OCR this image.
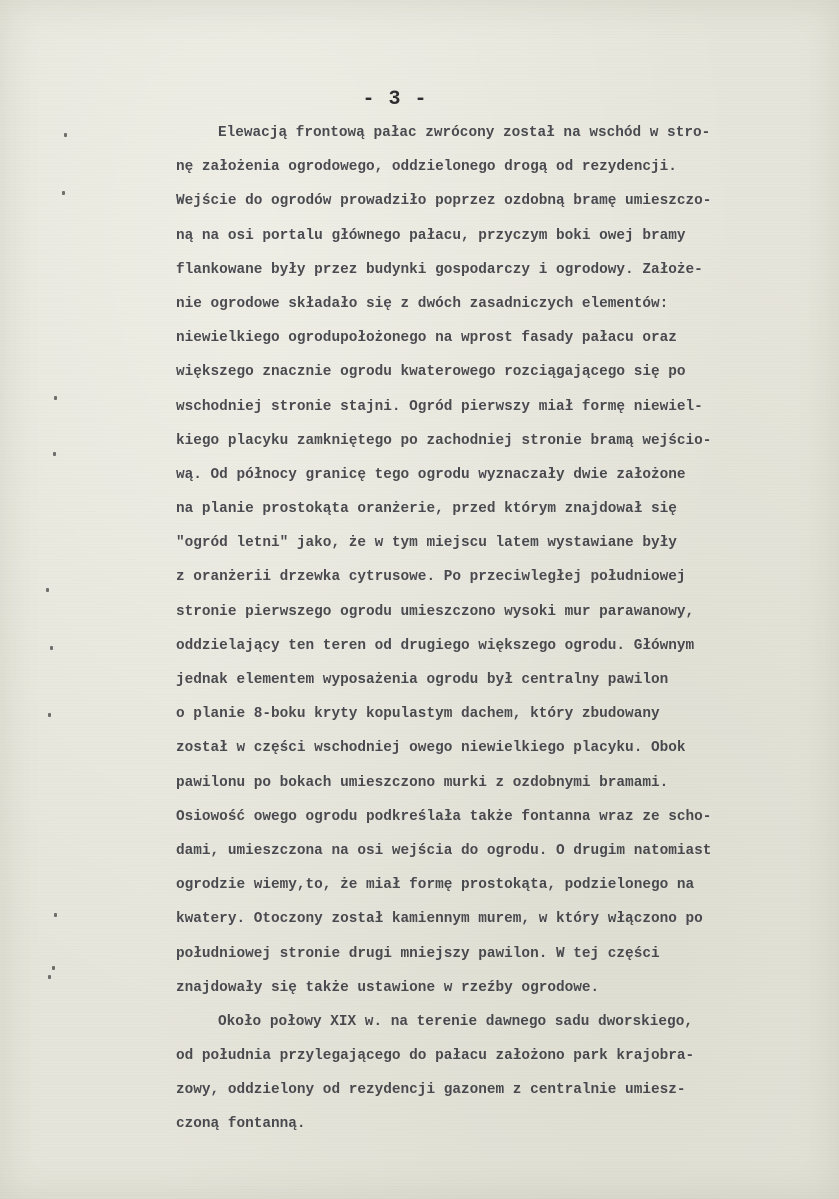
- 3 -
Elewacją frontową pałac zwrócony został na wschód w stro-
nę założenia ogrodowego, oddzielonego drogą od rezydencji.
Wejście do ogrodów prowadziło poprzez ozdobną bramę umieszczo-
ną na osi portalu głównego pałacu, przyczym boki owej bramy
flankowane były przez budynki gospodarczy i ogrodowy. Założe-
nie ogrodowe składało się z dwóch zasadniczych elementów:
niewielkiego ogrodupołożonego na wprost fasady pałacu oraz
większego znacznie ogrodu kwaterowego rozciągającego się po
wschodniej stronie stajni. Ogród pierwszy miał formę niewiel-
kiego placyku zamkniętego po zachodniej stronie bramą wejścio-
wą. Od północy granicę tego ogrodu wyznaczały dwie założone
na planie prostokąta oranżerie, przed którym znajdował się
"ogród letni" jako, że w tym miejscu latem wystawiane były
z oranżerii drzewka cytrusowe. Po przeciwległej południowej
stronie pierwszego ogrodu umieszczono wysoki mur parawanowy,
oddzielający ten teren od drugiego większego ogrodu. Głównym
jednak elementem wyposażenia ogrodu był centralny pawilon
o planie 8-boku kryty kopulastym dachem, który zbudowany
został w części wschodniej owego niewielkiego placyku. Obok
pawilonu po bokach umieszczono murki z ozdobnymi bramami.
Osiowość owego ogrodu podkreślała także fontanna wraz ze scho-
dami, umieszczona na osi wejścia do ogrodu. O drugim natomiast
ogrodzie wiemy,to, że miał formę prostokąta, podzielonego na
kwatery. Otoczony został kamiennym murem, w który włączono po
południowej stronie drugi mniejszy pawilon. W tej części
znajdowały się także ustawione w rzeźby ogrodowe.
Około połowy XIX w. na terenie dawnego sadu dworskiego,
od południa przylegającego do pałacu założono park krajobra-
zowy, oddzielony od rezydencji gazonem z centralnie umiesz-
czoną fontanną.
